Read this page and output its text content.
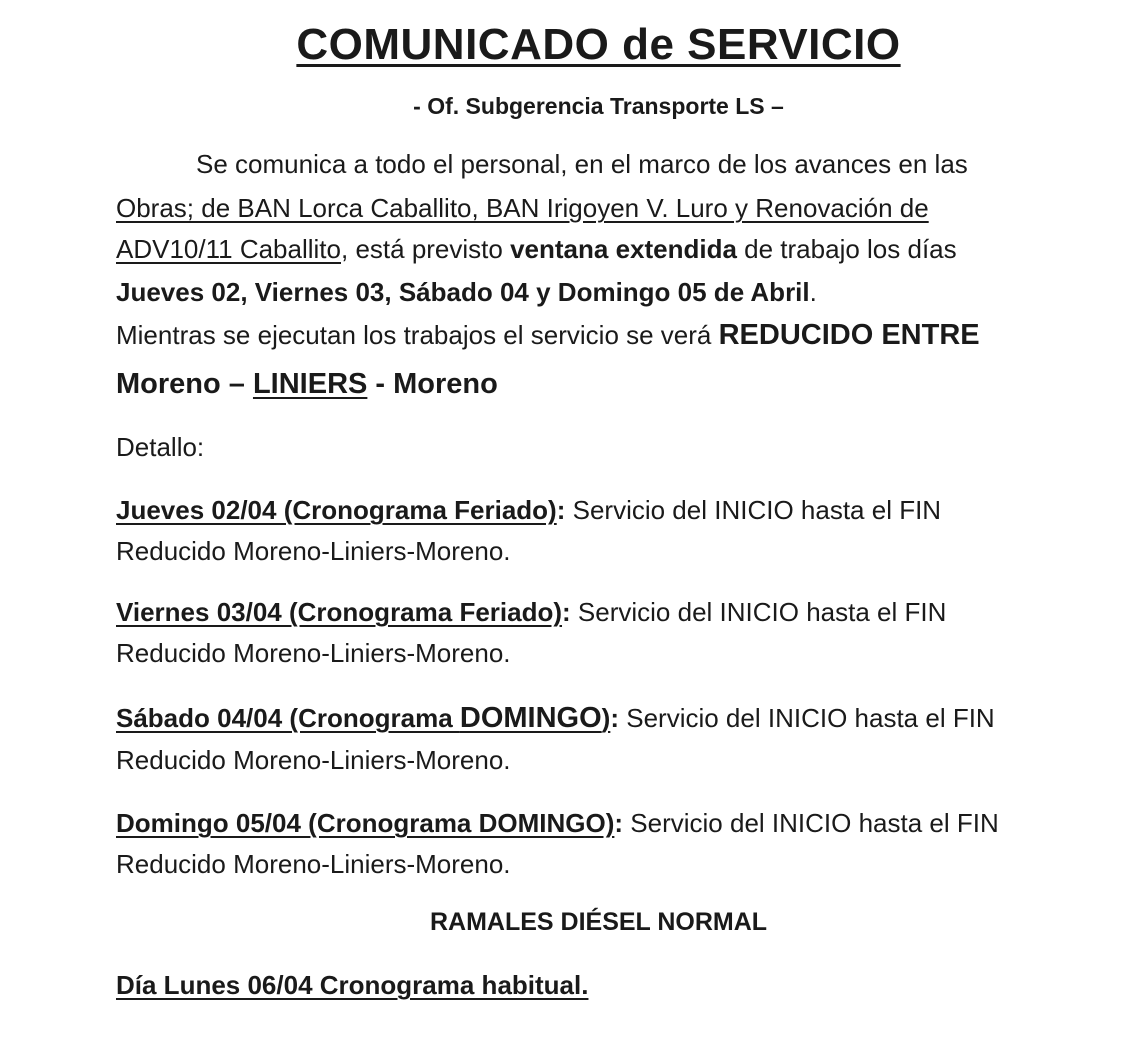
COMUNICADO de SERVICIO
- Of. Subgerencia Transporte LS –
Se comunica a todo el personal, en el marco de los avances en las
Obras; de BAN Lorca Caballito, BAN Irigoyen V. Luro y Renovación de
ADV10/11 Caballito, está previsto ventana extendida de trabajo los días
Jueves 02, Viernes 03, Sábado 04 y Domingo 05 de Abril.
Mientras se ejecutan los trabajos el servicio se verá REDUCIDO ENTRE
Moreno – LINIERS - Moreno
Detallo:
Jueves 02/04 (Cronograma Feriado): Servicio del INICIO hasta el FIN
Reducido Moreno-Liniers-Moreno.
Viernes 03/04 (Cronograma Feriado): Servicio del INICIO hasta el FIN
Reducido Moreno-Liniers-Moreno.
Sábado 04/04 (Cronograma DOMINGO): Servicio del INICIO hasta el FIN
Reducido Moreno-Liniers-Moreno.
Domingo 05/04 (Cronograma DOMINGO): Servicio del INICIO hasta el FIN
Reducido Moreno-Liniers-Moreno.
RAMALES DIÉSEL NORMAL
Día Lunes 06/04 Cronograma habitual.
